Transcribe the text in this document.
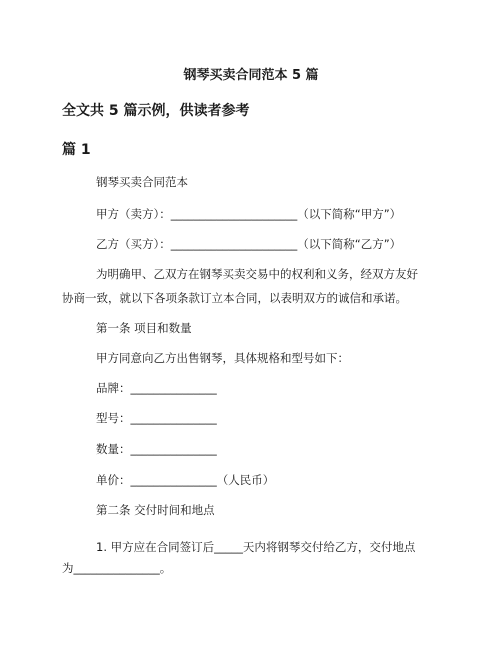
钢琴买卖合同范本 5 篇
全文共 5 篇示例，供读者参考
篇 1
钢琴买卖合同范本
甲方（卖方）：______________________（以下简称“甲方”）
乙方（买方）：______________________（以下简称“乙方”）
为明确甲、乙双方在钢琴买卖交易中的权利和义务，经双方友好
协商一致，就以下各项条款订立本合同，以表明双方的诚信和承诺。
第一条 项目和数量
甲方同意向乙方出售钢琴，具体规格和型号如下：
品牌：_______________
型号：_______________
数量：_______________
单价：_______________（人民币）
第二条 交付时间和地点
1. 甲方应在合同签订后_____天内将钢琴交付给乙方，交付地点
为_______________。
